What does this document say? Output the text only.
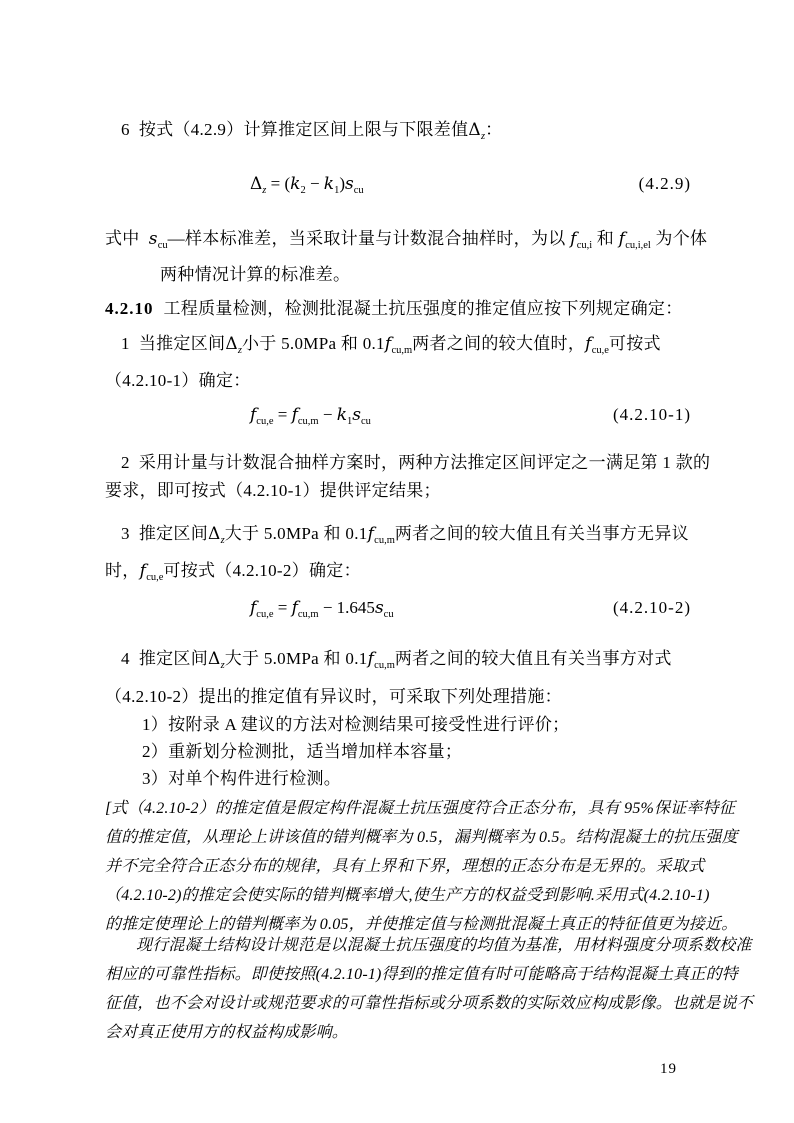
6 按式（4.2.9）计算推定区间上限与下限差值$\Delta_z$：
$\Delta_z = (k_2 - k_1)s_{cu}$	(4.2.9)
式中 $s_{cu}—$样本标准差，当采取计量与计数混合抽样时，为以 $f_{cu,i}$ 和 $f_{cu,i,el}$ 为个体
两种情况计算的标准差。
4.2.10 工程质量检测，检测批混凝土抗压强度的推定值应按下列规定确定：
1 当推定区间$\Delta_z$小于 5.0MPa 和 $0.1f_{cu,m}$两者之间的较大值时，$f_{cu,e}$可按式
（4.2.10-1）确定：
$f_{cu,e} = f_{cu,m} - k_1s_{cu}$	(4.2.10-1)
2 采用计量与计数混合抽样方案时，两种方法推定区间评定之一满足第 1 款的
要求，即可按式（4.2.10-1）提供评定结果；
3 推定区间$\Delta_z$大于 5.0MPa 和 $0.1f_{cu,m}$两者之间的较大值且有关当事方无异议
时，$f_{cu,e}$可按式（4.2.10-2）确定：
$f_{cu,e} = f_{cu,m} - 1.645s_{cu}$	(4.2.10-2)
4 推定区间$\Delta_z$大于 5.0MPa 和 $0.1f_{cu,m}$两者之间的较大值且有关当事方对式
（4.2.10-2）提出的推定值有异议时，可采取下列处理措施：
1）按附录 A 建议的方法对检测结果可接受性进行评价；
2）重新划分检测批，适当增加样本容量；
3）对单个构件进行检测。
[式（4.2.10-2）的推定值是假定构件混凝土抗压强度符合正态分布，具有 95%保证率特征
值的推定值，从理论上讲该值的错判概率为 0.5，漏判概率为 0.5。结构混凝土的抗压强度
并不完全符合正态分布的规律，具有上界和下界，理想的正态分布是无界的。采取式
（4.2.10-2)的推定会使实际的错判概率增大,使生产方的权益受到影响.采用式(4.2.10-1)
的推定使理论上的错判概率为 0.05，并使推定值与检测批混凝土真正的特征值更为接近。
现行混凝土结构设计规范是以混凝土抗压强度的均值为基准，用材料强度分项系数校准
相应的可靠性指标。即使按照(4.2.10-1)得到的推定值有时可能略高于结构混凝土真正的特
征值，也不会对设计或规范要求的可靠性指标或分项系数的实际效应构成影像。也就是说不
会对真正使用方的权益构成影响。
19
